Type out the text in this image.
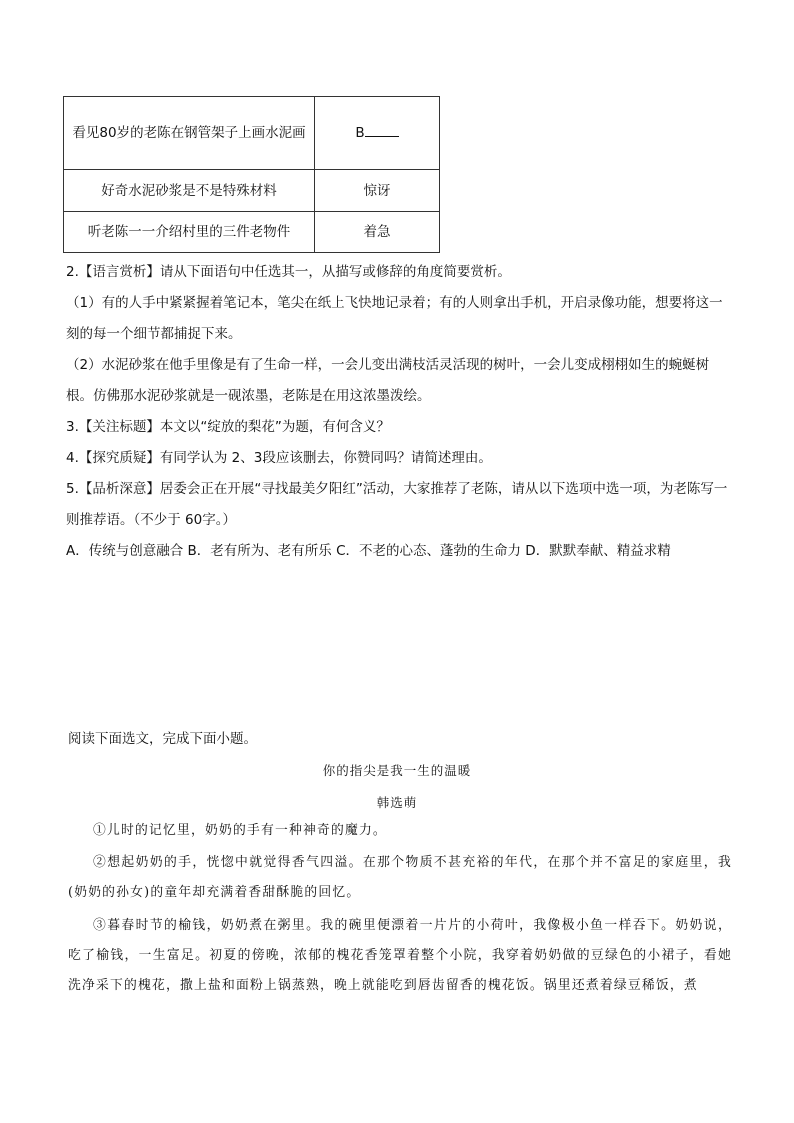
看见80岁的老陈在钢管架子上画水泥画	B
好奇水泥砂浆是不是特殊材料	惊讶
听老陈一一介绍村里的三件老物件	着急

2.【语言赏析】请从下面语句中任选其一，从描写或修辞的角度简要赏析。

（1）有的人手中紧紧握着笔记本，笔尖在纸上飞快地记录着；有的人则拿出手机，开启录像功能，想要将这一刻的每一个细节都捕捉下来。

（2）水泥砂浆在他手里像是有了生命一样，一会儿变出满枝活灵活现的树叶，一会儿变成栩栩如生的蜿蜒树根。仿佛那水泥砂浆就是一砚浓墨，老陈是在用这浓墨泼绘。

3.【关注标题】本文以“绽放的梨花”为题，有何含义？

4.【探究质疑】有同学认为 2、3段应该删去，你赞同吗？请简述理由。

5.【品析深意】居委会正在开展“寻找最美夕阳红”活动，大家推荐了老陈，请从以下选项中选一项，为老陈写一则推荐语。（不少于 60字。）

A．传统与创意融合 B．老有所为、老有所乐 C．不老的心态、蓬勃的生命力 D．默默奉献、精益求精

阅读下面选文，完成下面小题。
你的指尖是我一生的温暖
韩选萌

①儿时的记忆里，奶奶的手有一种神奇的魔力。

②想起奶奶的手，恍惚中就觉得香气四溢。在那个物质不甚充裕的年代，在那个并不富足的家庭里，我(奶奶的孙女)的童年却充满着香甜酥脆的回忆。

③暮春时节的榆钱，奶奶煮在粥里。我的碗里便漂着一片片的小荷叶，我像极小鱼一样吞下。奶奶说，吃了榆钱，一生富足。初夏的傍晚，浓郁的槐花香笼罩着整个小院，我穿着奶奶做的豆绿色的小裙子，看她洗净采下的槐花，撒上盐和面粉上锅蒸熟，晚上就能吃到唇齿留香的槐花饭。锅里还煮着绿豆稀饭，煮
